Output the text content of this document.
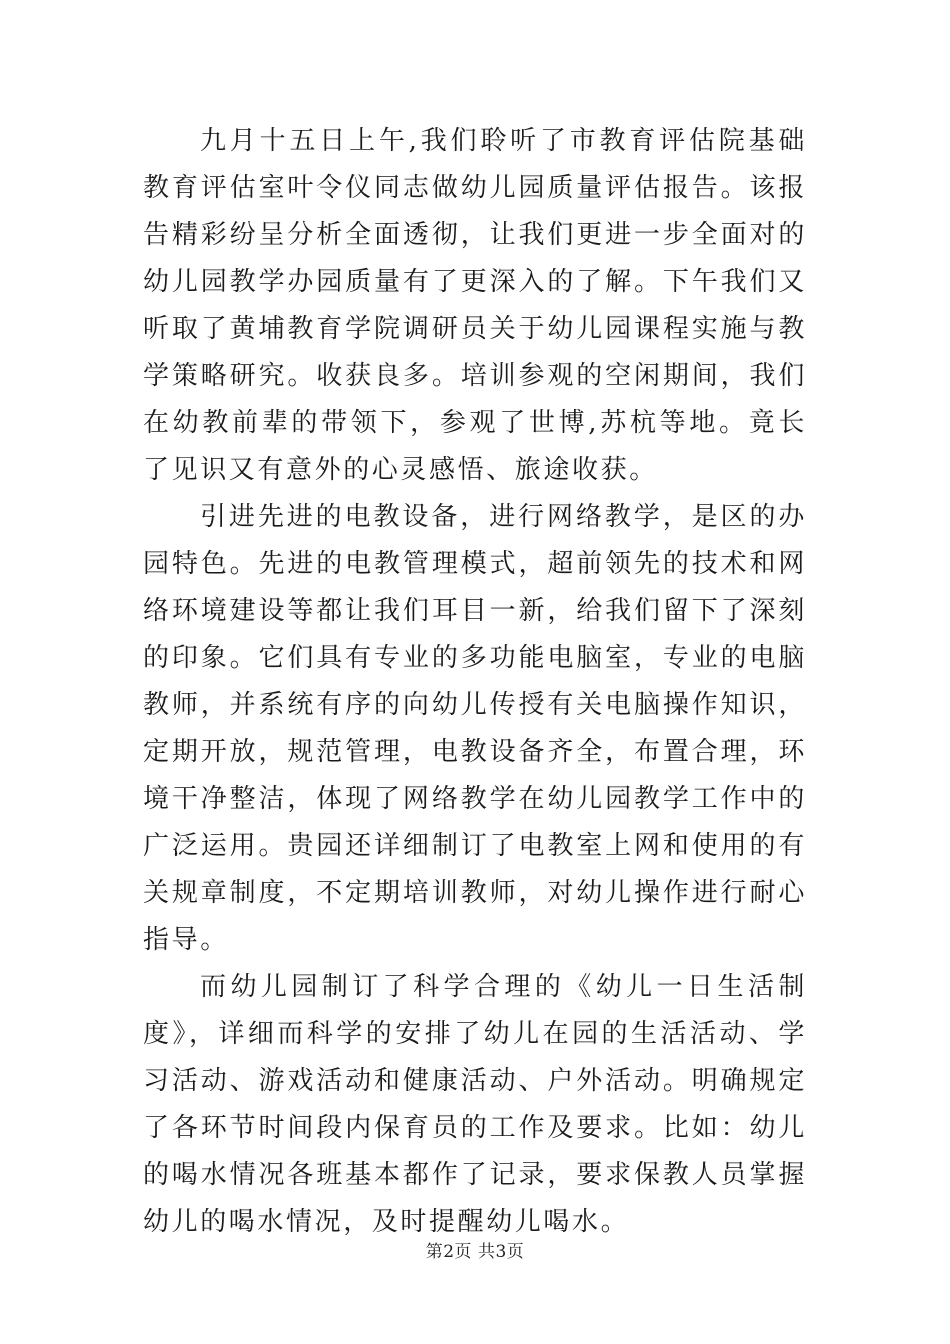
九月十五日上午,我们聆听了市教育评估院基础教育评估室叶令仪同志做幼儿园质量评估报告。该报告精彩纷呈分析全面透彻，让我们更进一步全面对的幼儿园教学办园质量有了更深入的了解。下午我们又听取了黄埔教育学院调研员关于幼儿园课程实施与教学策略研究。收获良多。培训参观的空闲期间，我们在幼教前辈的带领下，参观了世博,苏杭等地。竟长了见识又有意外的心灵感悟、旅途收获。

引进先进的电教设备，进行网络教学，是区的办园特色。先进的电教管理模式，超前领先的技术和网络环境建设等都让我们耳目一新，给我们留下了深刻的印象。它们具有专业的多功能电脑室，专业的电脑教师，并系统有序的向幼儿传授有关电脑操作知识，定期开放，规范管理，电教设备齐全，布置合理，环境干净整洁，体现了网络教学在幼儿园教学工作中的广泛运用。贵园还详细制订了电教室上网和使用的有关规章制度，不定期培训教师，对幼儿操作进行耐心指导。

而幼儿园制订了科学合理的《幼儿一日生活制度》，详细而科学的安排了幼儿在园的生活活动、学习活动、游戏活动和健康活动、户外活动。明确规定了各环节时间段内保育员的工作及要求。比如：幼儿的喝水情况各班基本都作了记录，要求保教人员掌握幼儿的喝水情况，及时提醒幼儿喝水。

第2页 共3页
